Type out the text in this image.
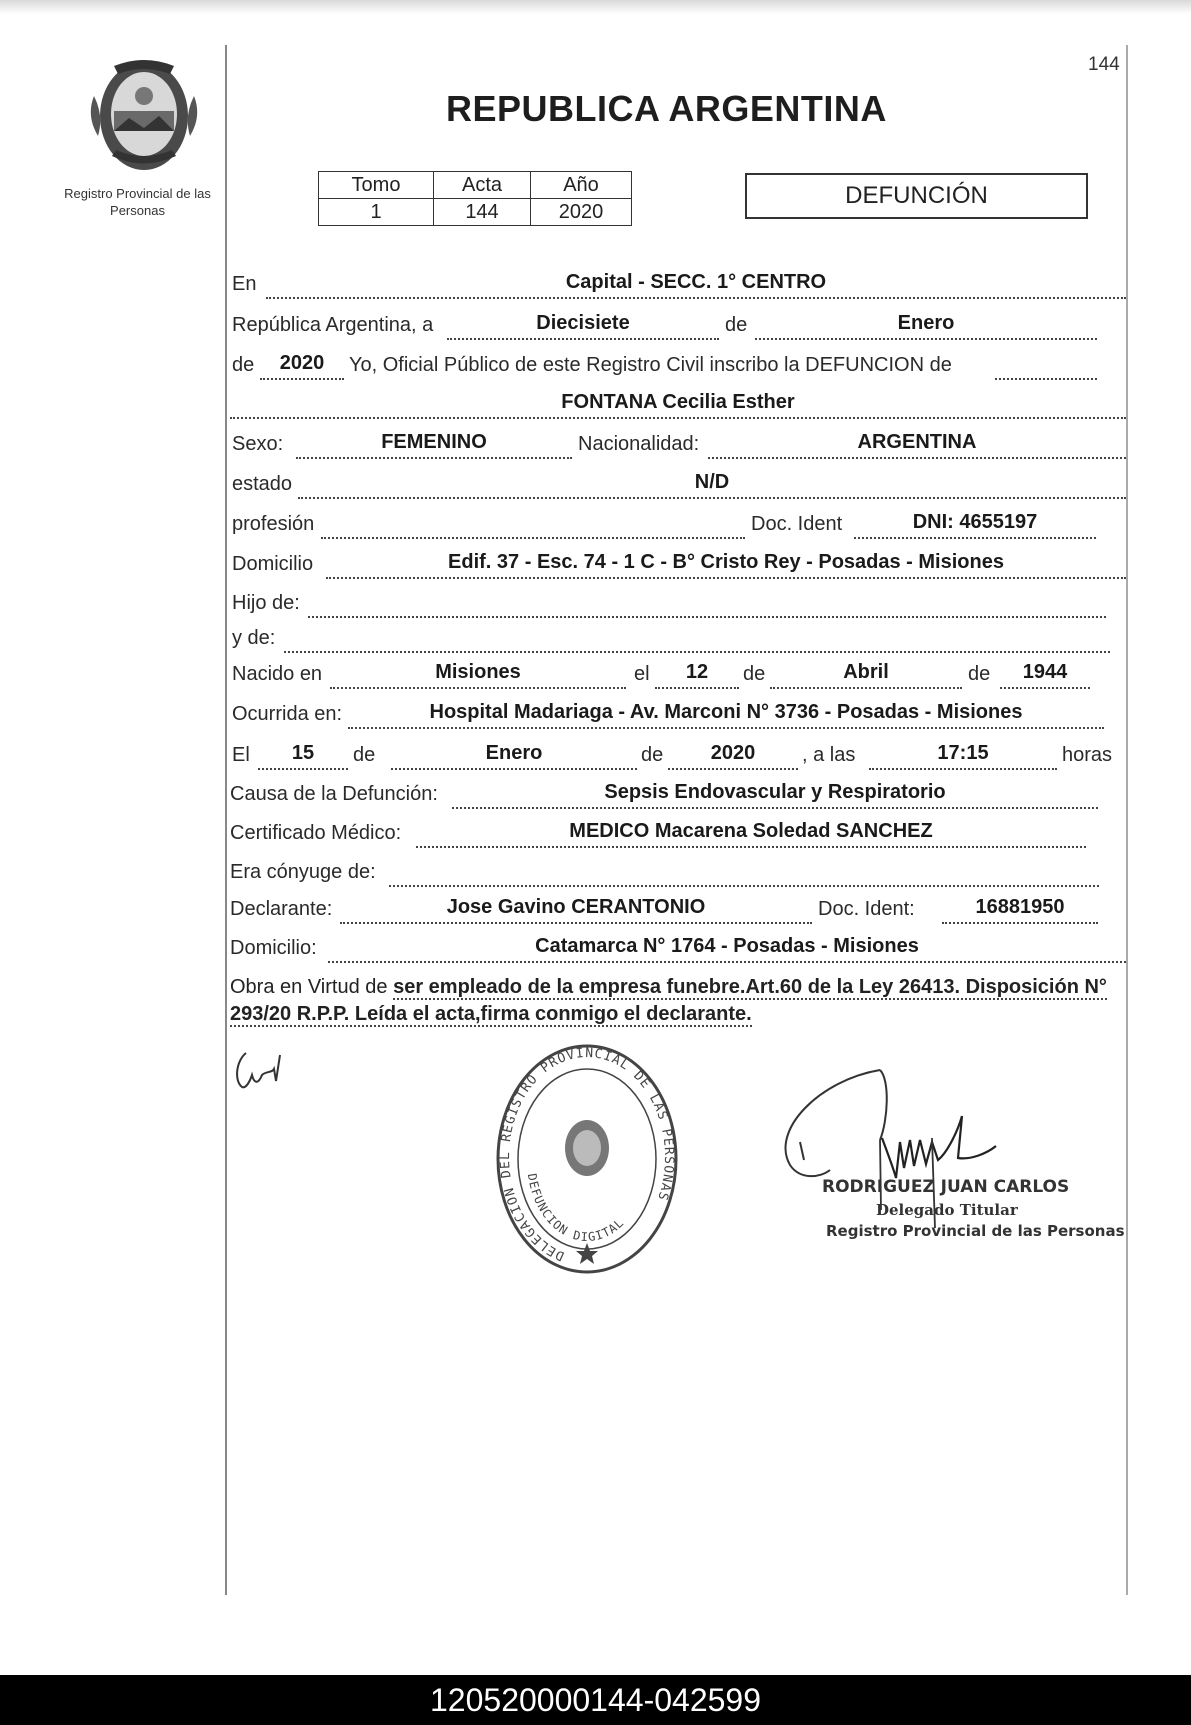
Registro Provincial de las Personas
144
REPUBLICA ARGENTINA
Tomo	Acta	Año
1	144	2020
DEFUNCIÓN
En	Capital - SECC. 1° CENTRO
República Argentina, a	Diecisiete	de	Enero
de	2020	Yo, Oficial Público de este Registro Civil inscribo la DEFUNCION de
FONTANA Cecilia Esther
Sexo:	FEMENINO	Nacionalidad:	ARGENTINA
estado	N/D
profesión	Doc. Ident	DNI: 4655197
Domicilio	Edif. 37 - Esc. 74 - 1 C - B° Cristo Rey - Posadas - Misiones
Hijo de:
y de:
Nacido en	Misiones	el	12	de	Abril	de	1944
Ocurrida en:	Hospital Madariaga - Av. Marconi N° 3736 - Posadas - Misiones
El	15	de	Enero	de	2020	, a las	17:15	horas
Causa de la Defunción:	Sepsis Endovascular y Respiratorio
Certificado Médico:	MEDICO Macarena Soledad SANCHEZ
Era cónyuge de:
Declarante:	Jose Gavino CERANTONIO	Doc. Ident:	16881950
Domicilio:	Catamarca N° 1764 - Posadas - Misiones
Obra en Virtud de ser empleado de la empresa funebre.Art.60 de la Ley 26413. Disposición N° 293/20 R.P.P. Leída el acta,firma conmigo el declarante.
DELEGACION DEL REGISTRO PROVINCIAL DE LAS PERSONAS
DEFUNCION DIGITAL
RODRIGUEZ JUAN CARLOS
Delegado Titular
Registro Provincial de las Personas
120520000144-042599
